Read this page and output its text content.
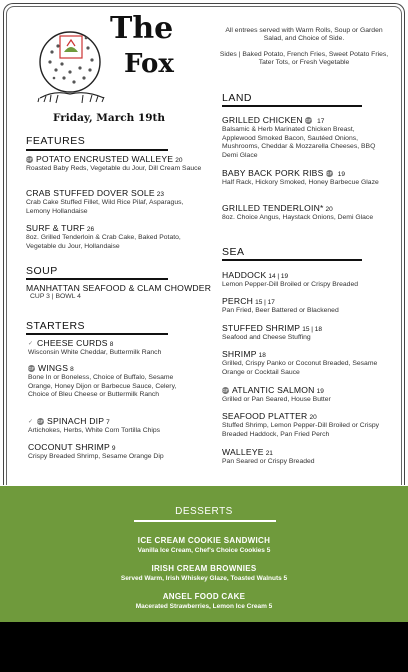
The
Fox
Friday, March 19th
FEATURES
GF POTATO ENCRUSTED WALLEYE 20
Roasted Baby Reds, Vegetable du Jour, Dill Cream Sauce
CRAB STUFFED DOVER SOLE 23
Crab Cake Stuffed Fillet, Wild Rice Pilaf, Asparagus, Lemony Hollandaise
SURF & TURF 26
8oz. Grilled Tenderloin & Crab Cake, Baked Potato, Vegetable du Jour, Hollandaise
SOUP
MANHATTAN SEAFOOD & CLAM CHOWDER
CUP 3 | BOWL 4
STARTERS
✓ CHEESE CURDS 8
Wisconsin White Cheddar, Buttermilk Ranch
GF WINGS 8
Bone In or Boneless, Choice of Buffalo, Sesame Orange, Honey Dijon or Barbecue Sauce, Celery, Choice of Bleu Cheese or Buttermilk Ranch
✓ GF SPINACH DIP 7
Artichokes, Herbs, White Corn Tortilla Chips
COCONUT SHRIMP 9
Crispy Breaded Shrimp, Sesame Orange Dip
All entrees served with Warm Rolls, Soup or Garden Salad, and Choice of Side.
Sides | Baked Potato, French Fries, Sweet Potato Fries, Tater Tots, or Fresh Vegetable
LAND
GRILLED CHICKEN GF 17
Balsamic & Herb Marinated Chicken Breast, Applewood Smoked Bacon, Sautéed Onions, Mushrooms, Cheddar & Mozzarella Cheeses, BBQ Demi Glace
BABY BACK PORK RIBS GF 19
Half Rack, Hickory Smoked, Honey Barbecue Glaze
GRILLED TENDERLOIN* 20
8oz. Choice Angus, Haystack Onions, Demi Glace
SEA
HADDOCK 14 | 19
Lemon Pepper-Dill Broiled or Crispy Breaded
PERCH 15 | 17
Pan Fried, Beer Battered or Blackened
STUFFED SHRIMP 15 | 18
Seafood and Cheese Stuffing
SHRIMP 18
Grilled, Crispy Panko or Coconut Breaded, Sesame Orange or Cocktail Sauce
GF ATLANTIC SALMON 19
Grilled or Pan Seared, House Butter
SEAFOOD PLATTER 20
Stuffed Shrimp, Lemon Pepper-Dill Broiled or Crispy Breaded Haddock, Pan Fried Perch
WALLEYE 21
Pan Seared or Crispy Breaded
DESSERTS
ICE CREAM COOKIE SANDWICH
Vanilla Ice Cream, Chef's Choice Cookies 5
IRISH CREAM BROWNIES
Served Warm, Irish Whiskey Glaze, Toasted Walnuts 5
ANGEL FOOD CAKE
Macerated Strawberries, Lemon Ice Cream 5
